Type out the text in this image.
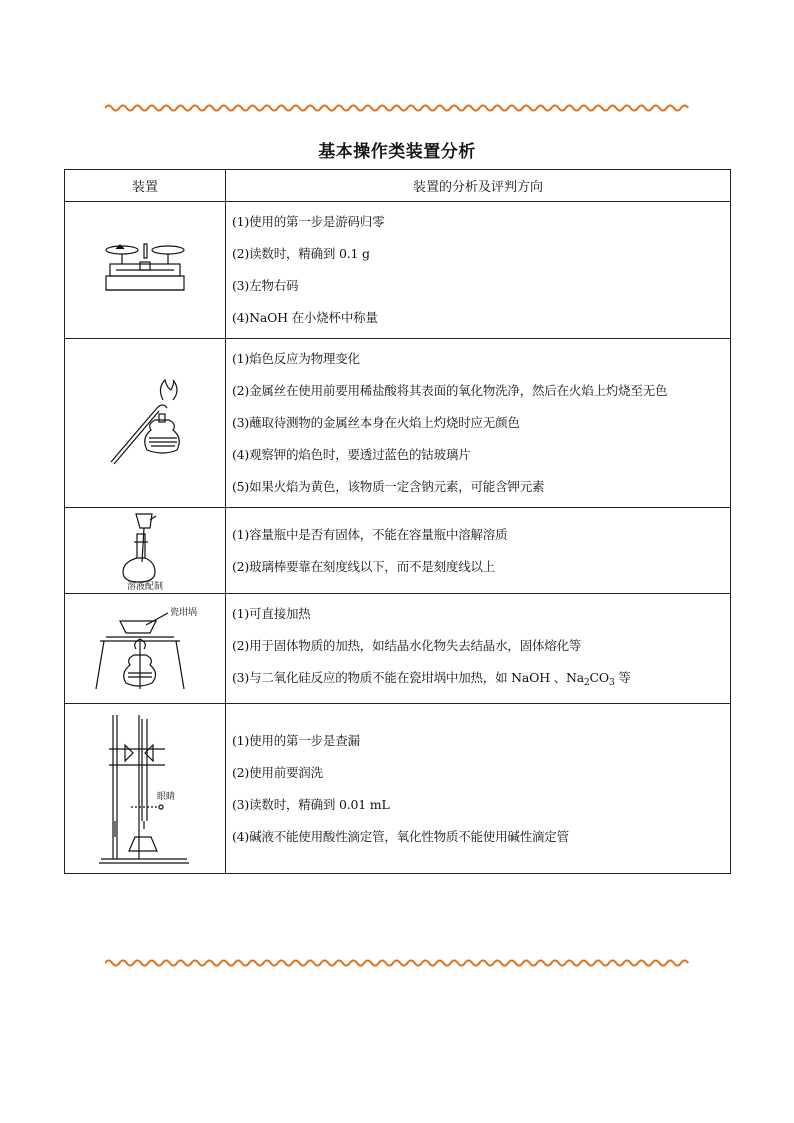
基本操作类装置分析
装置	装置的分析及评判方向

(1)使用的第一步是游码归零
(2)读数时，精确到 0.1 g
(3)左物右码
(4)NaOH 在小烧杯中称量

(1)焰色反应为物理变化
(2)金属丝在使用前要用稀盐酸将其表面的氧化物洗净，然后在火焰上灼烧至无色
(3)蘸取待测物的金属丝本身在火焰上灼烧时应无颜色
(4)观察钾的焰色时，要透过蓝色的钴玻璃片
(5)如果火焰为黄色，该物质一定含钠元素，可能含钾元素

溶液配制	(1)容量瓶中是否有固体，不能在容量瓶中溶解溶质
(2)玻璃棒要靠在刻度线以下，而不是刻度线以上

瓷坩埚	(1)可直接加热
(2)用于固体物质的加热，如结晶水化物失去结晶水，固体熔化等
(3)与二氧化硅反应的物质不能在瓷坩埚中加热，如 NaOH 、$Na_2CO_3$ 等

眼睛	(1)使用的第一步是查漏
(2)使用前要润洗
(3)读数时，精确到 0.01 mL
(4)碱液不能使用酸性滴定管，氧化性物质不能使用碱性滴定管
